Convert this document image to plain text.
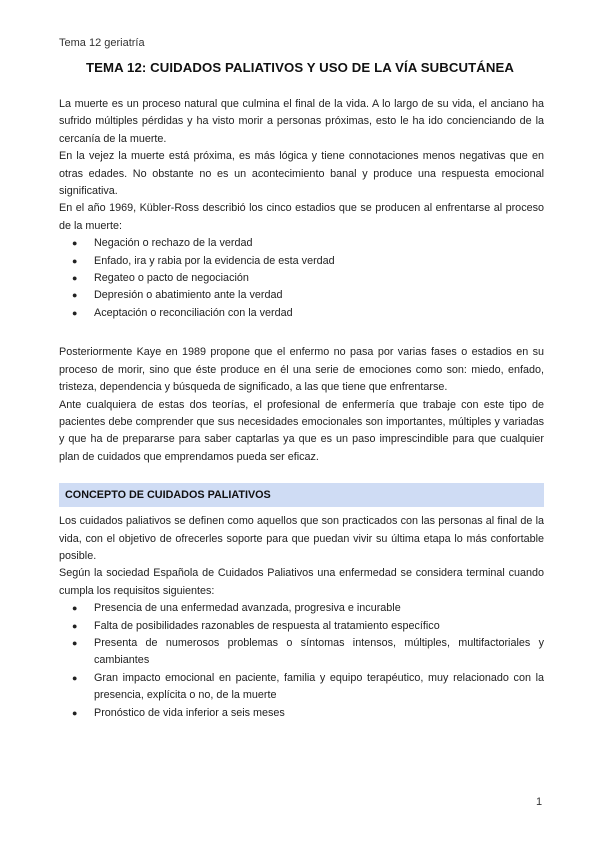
Tema 12 geriatría
TEMA 12: CUIDADOS PALIATIVOS Y USO DE LA VÍA SUBCUTÁNEA

La muerte es un proceso natural que culmina el final de la vida. A lo largo de su vida, el anciano ha sufrido múltiples pérdidas y ha visto morir a personas próximas, esto le ha ido concienciando de la cercanía de la muerte.

En la vejez la muerte está próxima, es más lógica y tiene connotaciones menos negativas que en otras edades. No obstante no es un acontecimiento banal y produce una respuesta emocional significativa.

En el año 1969, Kübler-Ross describió los cinco estadios que se producen al enfrentarse al proceso de la muerte:

● Negación o rechazo de la verdad
● Enfado, ira y rabia por la evidencia de esta verdad
● Regateo o pacto de negociación
● Depresión o abatimiento ante la verdad
● Aceptación o reconciliación con la verdad

Posteriormente Kaye en 1989 propone que el enfermo no pasa por varias fases o estadios en su proceso de morir, sino que éste produce en él una serie de emociones como son: miedo, enfado, tristeza, dependencia y búsqueda de significado, a las que tiene que enfrentarse.

Ante cualquiera de estas dos teorías, el profesional de enfermería que trabaje con este tipo de pacientes debe comprender que sus necesidades emocionales son importantes, múltiples y variadas y que ha de prepararse para saber captarlas ya que es un paso imprescindible para que cualquier plan de cuidados que emprendamos pueda ser eficaz.

CONCEPTO DE CUIDADOS PALIATIVOS

Los cuidados paliativos se definen como aquellos que son practicados con las personas al final de la vida, con el objetivo de ofrecerles soporte para que puedan vivir su última etapa lo más confortable posible.

Según la sociedad Española de Cuidados Paliativos una enfermedad se considera terminal cuando cumpla los requisitos siguientes:

● Presencia de una enfermedad avanzada, progresiva e incurable
● Falta de posibilidades razonables de respuesta al tratamiento específico
● Presenta de numerosos problemas o síntomas intensos, múltiples, multifactoriales y cambiantes
● Gran impacto emocional en paciente, familia y equipo terapéutico, muy relacionado con la presencia, explícita o no, de la muerte
● Pronóstico de vida inferior a seis meses
1
